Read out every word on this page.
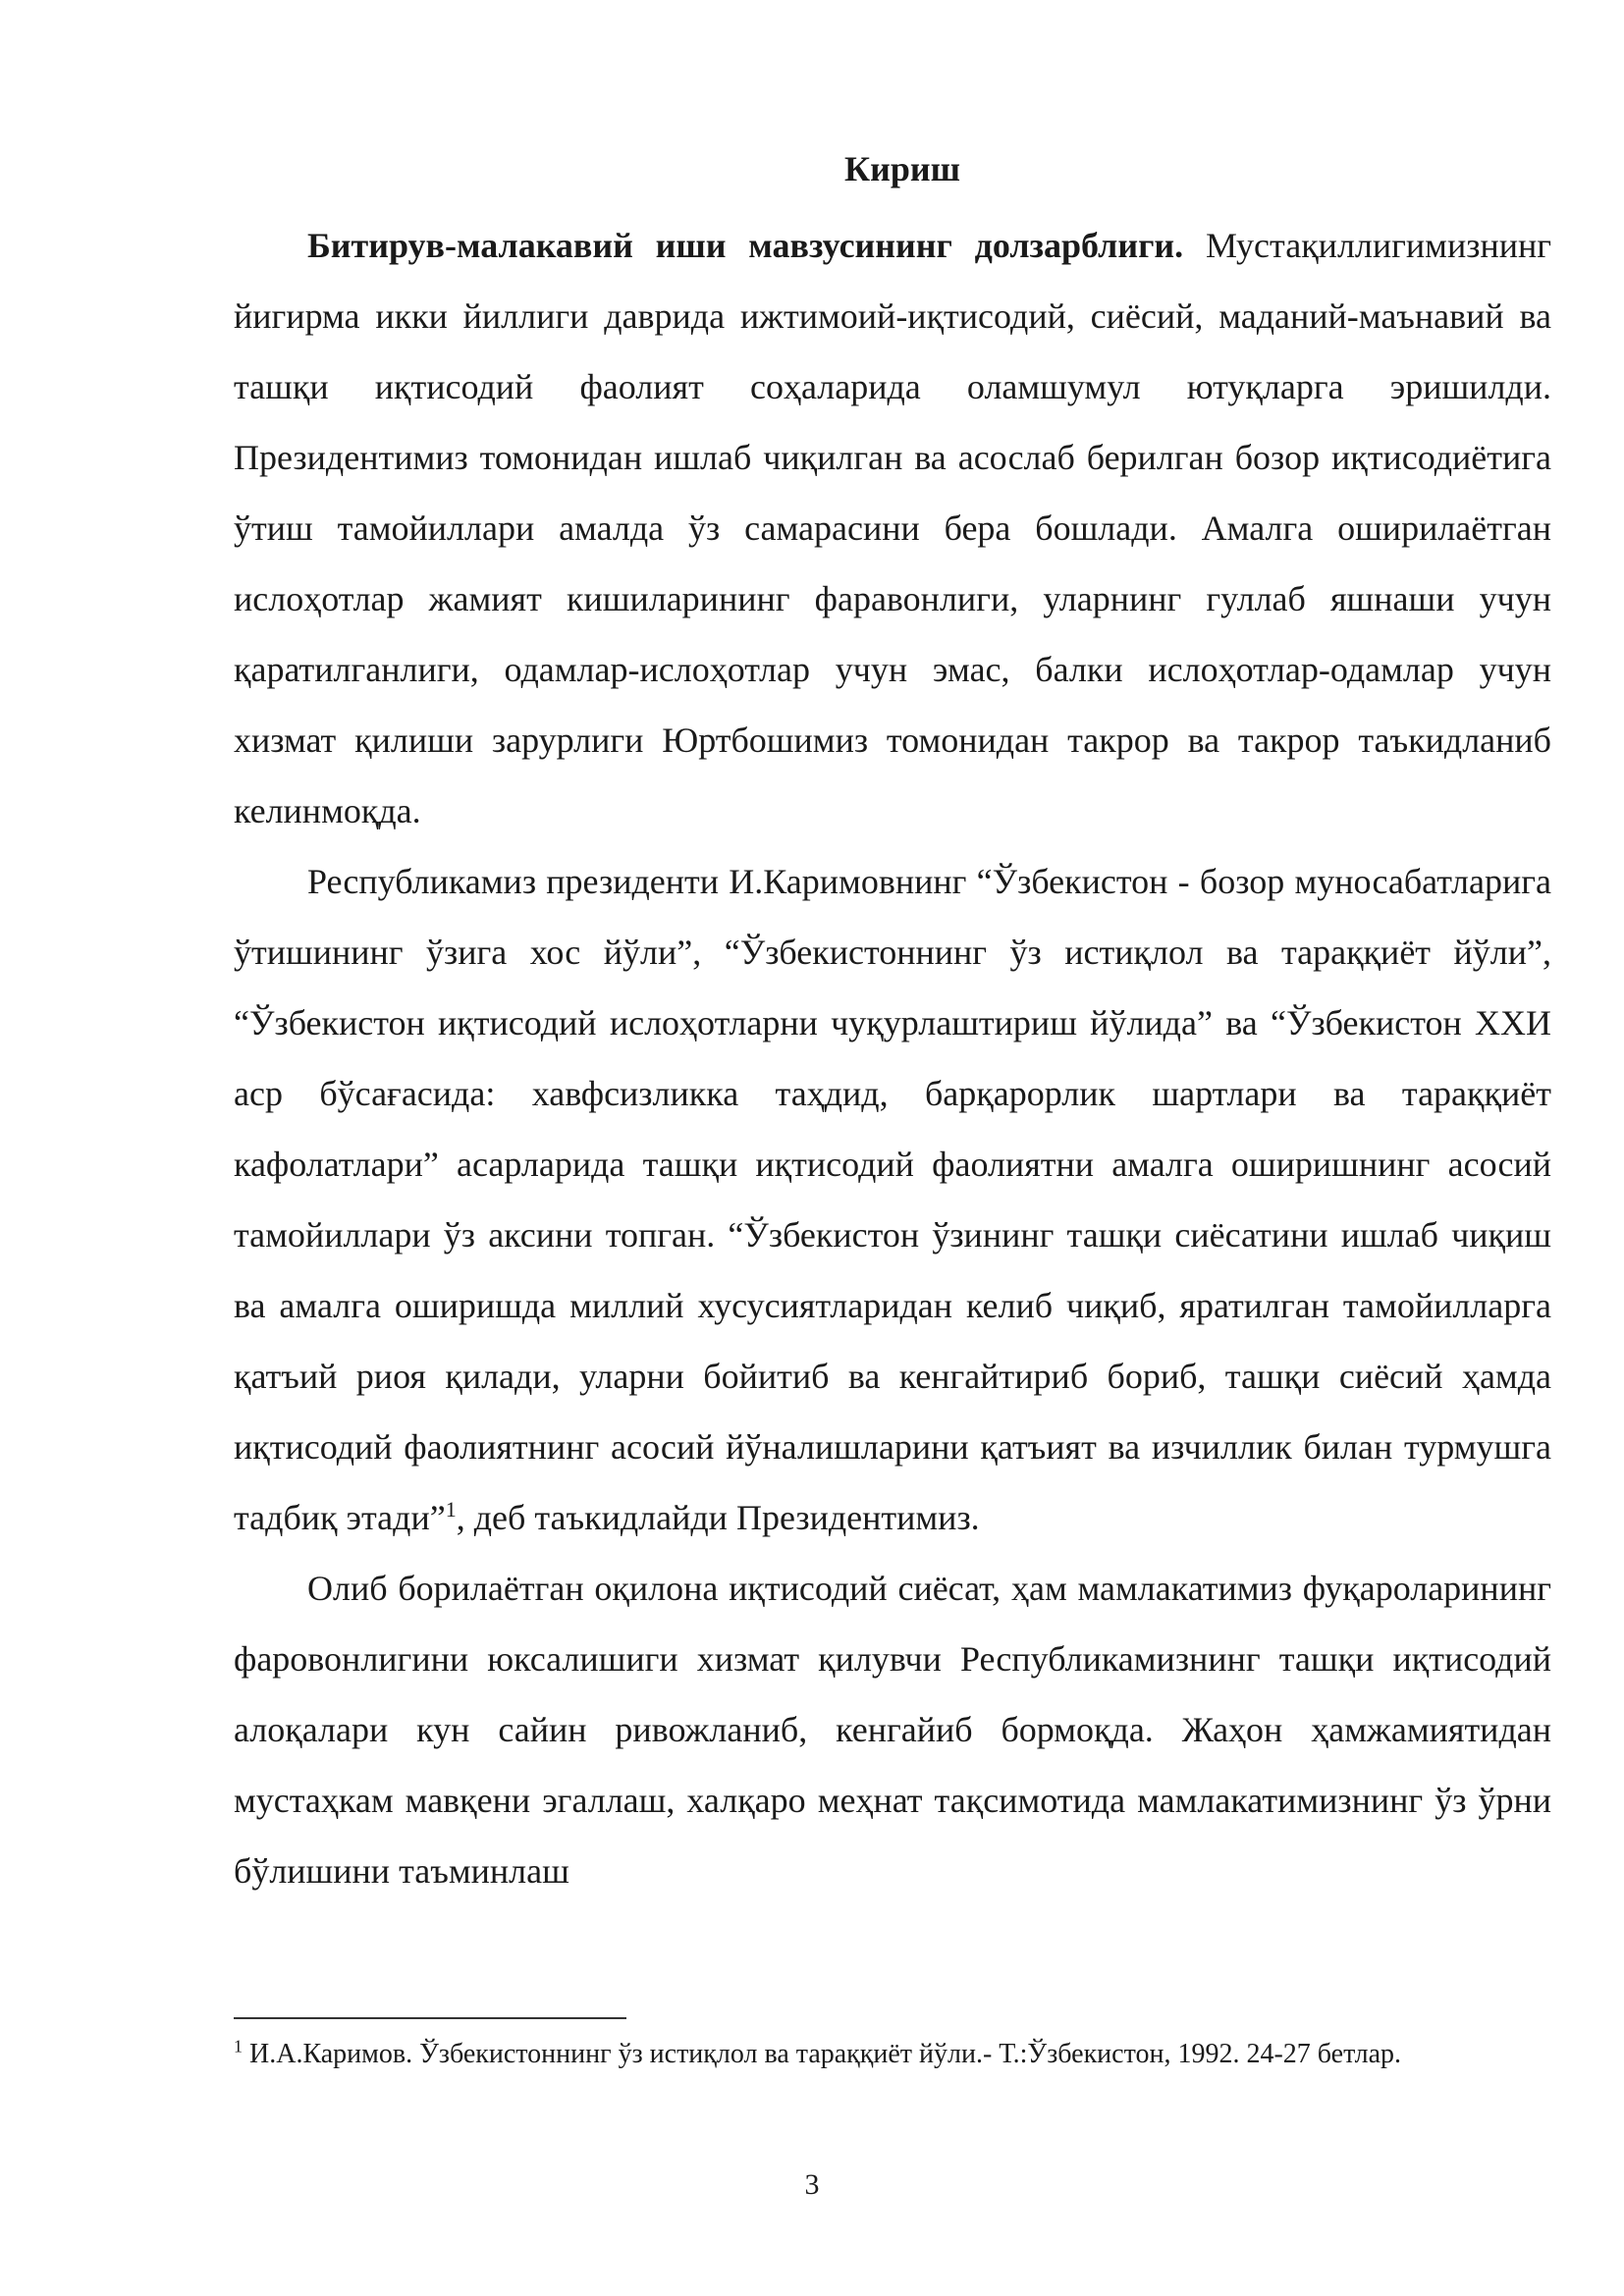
Кириш

Битирув-малакавий иши мавзусининг долзарблиги. Мустақиллигимизнинг йигирма икки йиллиги даврида ижтимоий-иқтисодий, сиёсий, маданий-маънавий ва ташқи иқтисодий фаолият соҳаларида оламшумул ютуқларга эришилди. Президентимиз томонидан ишлаб чиқилган ва асослаб берилган бозор иқтисодиётига ўтиш тамойиллари амалда ўз самарасини бера бошлади. Амалга оширилаётган ислоҳотлар жамият кишиларининг фаравонлиги, уларнинг гуллаб яшнаши учун қаратилганлиги, одамлар-ислоҳотлар учун эмас, балки ислоҳотлар-одамлар учун хизмат қилиши зарурлиги Юртбошимиз томонидан такрор ва такрор таъкидланиб келинмоқда.

Республикамиз президенти И.Каримовнинг “Ўзбекистон - бозор муносабатларига ўтишининг ўзига хос йўли”, “Ўзбекистоннинг ўз истиқлол ва тараққиёт йўли”, “Ўзбекистон иқтисодий ислоҳотларни чуқурлаштириш йўлида” ва “Ўзбекистон ХХИ аср бўсағасида: хавфсизликка таҳдид, барқарорлик шартлари ва тараққиёт кафолатлари” асарларида ташқи иқтисодий фаолиятни амалга оширишнинг асосий тамойиллари ўз аксини топган. “Ўзбекистон ўзининг ташқи сиёсатини ишлаб чиқиш ва амалга оширишда миллий хусусиятларидан келиб чиқиб, яратилган тамойилларга қатъий риоя қилади, уларни бойитиб ва кенгайтириб бориб, ташқи сиёсий ҳамда иқтисодий фаолиятнинг асосий йўналишларини қатъият ва изчиллик билан турмушга тадбиқ этади”$^1$, деб таъкидлайди Президентимиз.

Олиб борилаётган оқилона иқтисодий сиёсат, ҳам мамлакатимиз фуқароларининг фаровонлигини юксалишиги хизмат қилувчи Республикамизнинг ташқи иқтисодий алоқалари кун сайин ривожланиб, кенгайиб бормоқда. Жаҳон ҳамжамиятидан мустаҳкам мавқени эгаллаш, халқаро меҳнат тақсимотида мамлакатимизнинг ўз ўрни бўлишини таъминлаш

$^1$ И.А.Каримов. Ўзбекистоннинг ўз истиқлол ва тараққиёт йўли.- Т.:Ўзбекистон, 1992. 24-27 бетлар.
3
